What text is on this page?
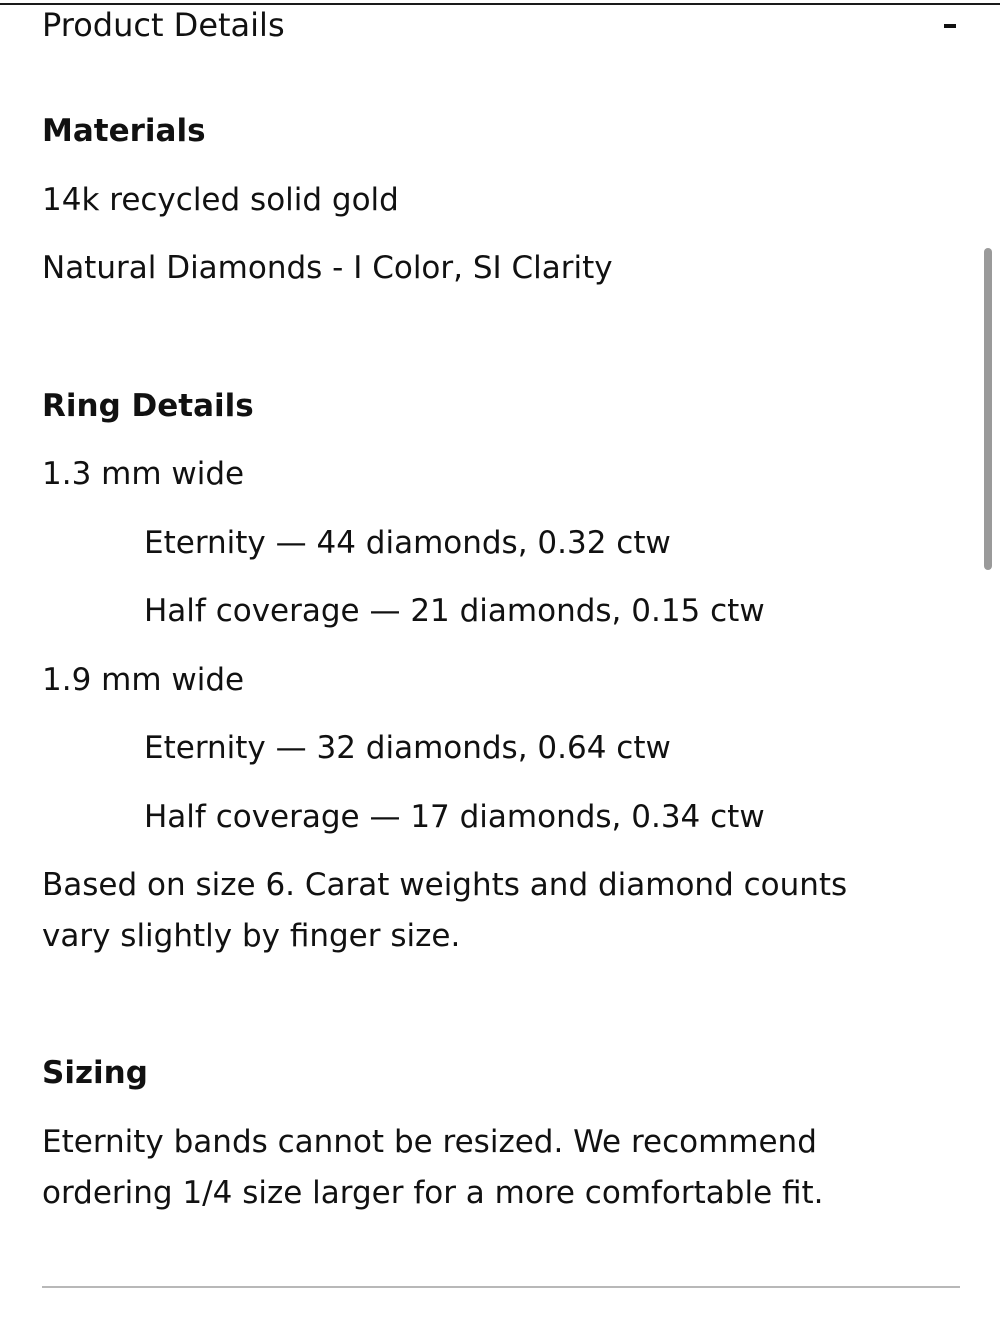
Product Details
Materials
14k recycled solid gold
Natural Diamonds - I Color, SI Clarity
Ring Details
1.3 mm wide
Eternity — 44 diamonds, 0.32 ctw
Half coverage — 21 diamonds, 0.15 ctw
1.9 mm wide
Eternity — 32 diamonds, 0.64 ctw
Half coverage — 17 diamonds, 0.34 ctw
Based on size 6. Carat weights and diamond counts vary slightly by finger size.
Sizing
Eternity bands cannot be resized. We recommend ordering 1/4 size larger for a more comfortable fit.
